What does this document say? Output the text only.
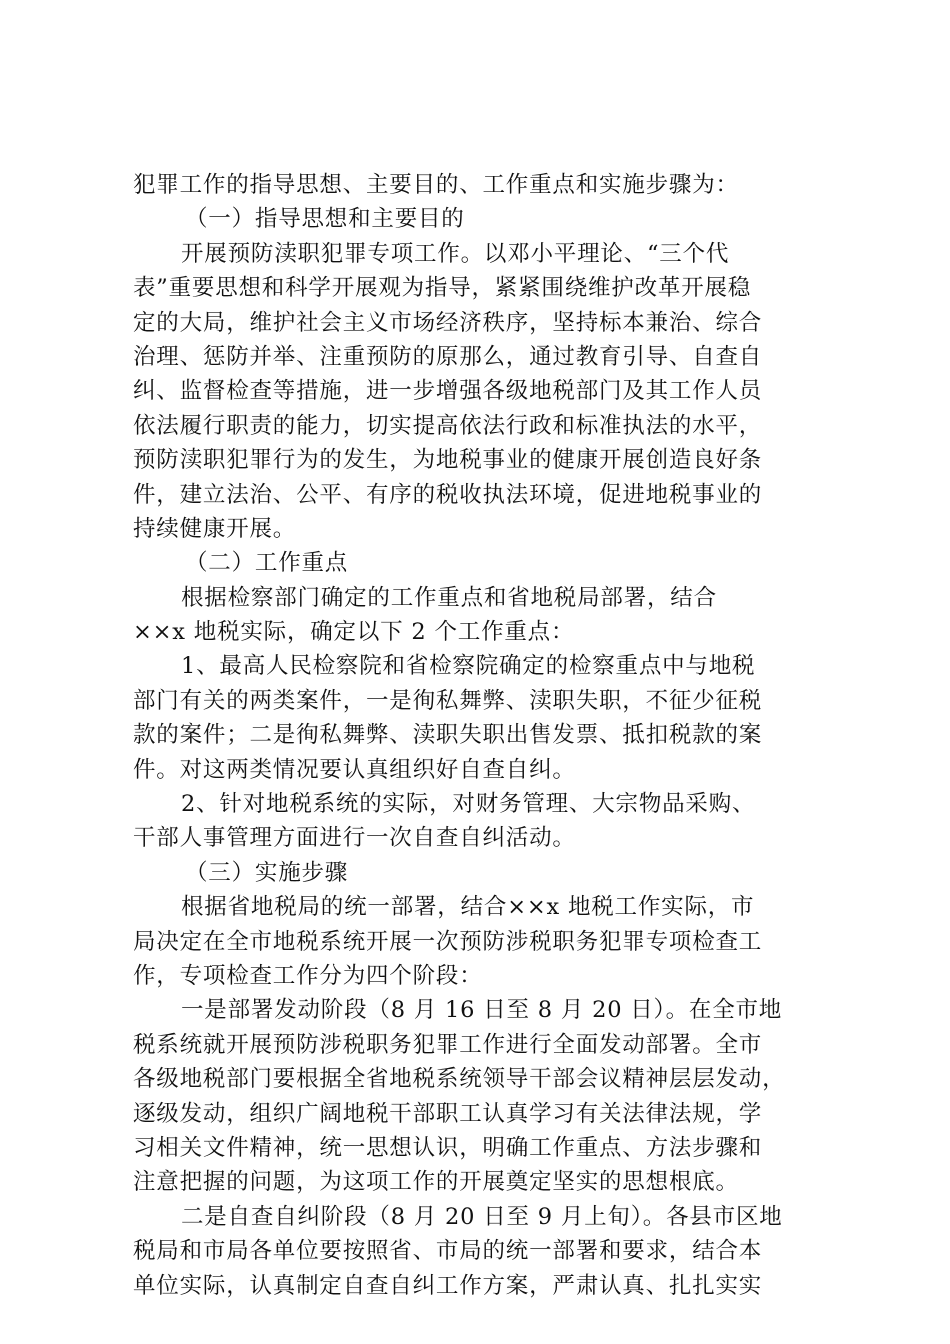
犯罪工作的指导思想、主要目的、工作重点和实施步骤为：
（一）指导思想和主要目的
开展预防渎职犯罪专项工作。以邓小平理论、“三个代
表”重要思想和科学开展观为指导，紧紧围绕维护改革开展稳
定的大局，维护社会主义市场经济秩序，坚持标本兼治、综合
治理、惩防并举、注重预防的原那么，通过教育引导、自查自
纠、监督检查等措施，进一步增强各级地税部门及其工作人员
依法履行职责的能力，切实提高依法行政和标准执法的水平，
预防渎职犯罪行为的发生，为地税事业的健康开展创造良好条
件，建立法治、公平、有序的税收执法环境，促进地税事业的
持续健康开展。
（二）工作重点
根据检察部门确定的工作重点和省地税局部署，结合
××x 地税实际，确定以下 2 个工作重点：
1、最高人民检察院和省检察院确定的检察重点中与地税
部门有关的两类案件，一是徇私舞弊、渎职失职，不征少征税
款的案件；二是徇私舞弊、渎职失职出售发票、抵扣税款的案
件。对这两类情况要认真组织好自查自纠。
2、针对地税系统的实际，对财务管理、大宗物品采购、
干部人事管理方面进行一次自查自纠活动。
（三）实施步骤
根据省地税局的统一部署，结合××x 地税工作实际，市
局决定在全市地税系统开展一次预防涉税职务犯罪专项检查工
作，专项检查工作分为四个阶段：
一是部署发动阶段（8 月 16 日至 8 月 20 日）。在全市地
税系统就开展预防涉税职务犯罪工作进行全面发动部署。全市
各级地税部门要根据全省地税系统领导干部会议精神层层发动，
逐级发动，组织广阔地税干部职工认真学习有关法律法规，学
习相关文件精神，统一思想认识，明确工作重点、方法步骤和
注意把握的问题，为这项工作的开展奠定坚实的思想根底。
二是自查自纠阶段（8 月 20 日至 9 月上旬）。各县市区地
税局和市局各单位要按照省、市局的统一部署和要求，结合本
单位实际，认真制定自查自纠工作方案，严肃认真、扎扎实实
